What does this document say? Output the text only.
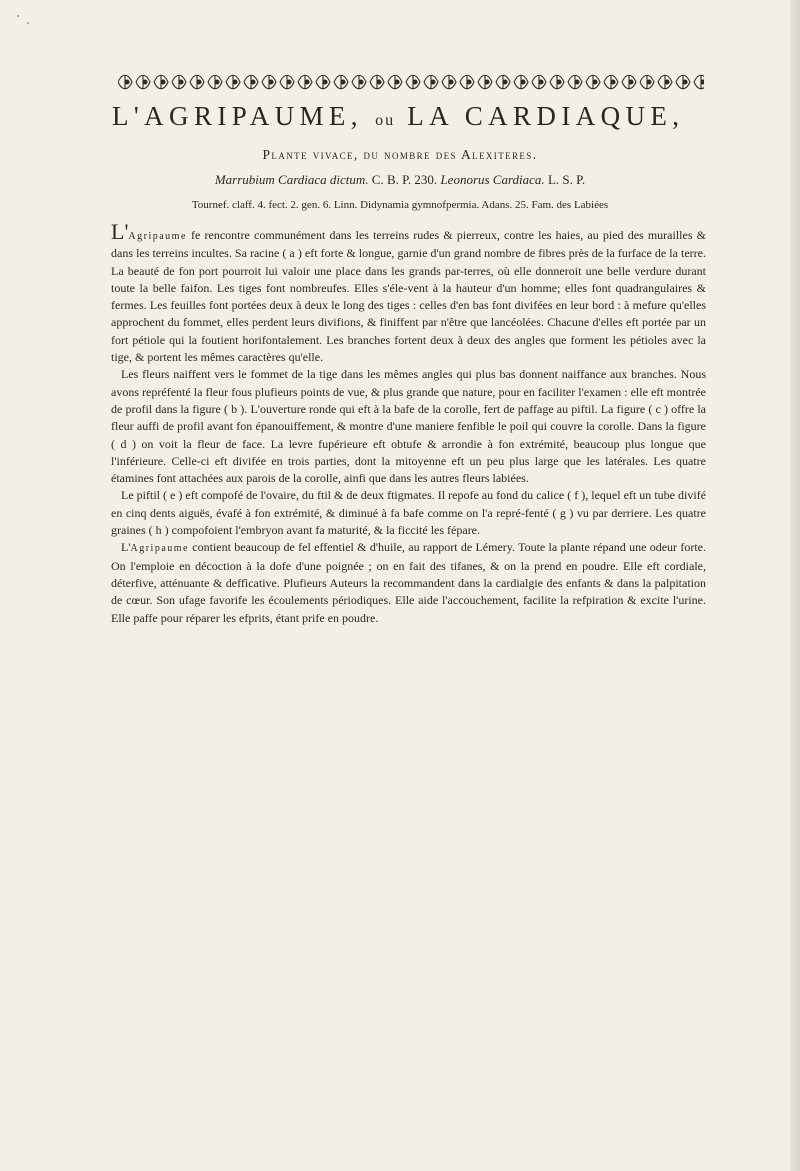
L'AGRIPAUME, ou LA CARDIAQUE,
Plante vivace, du nombre des Alexiteres.
Marrubium Cardiaca dictum. C. B. P. 230. Leonorus Cardiaca. L. S. P.
Tournef. claff. 4. fect. 2. gen. 6. Linn. Didynamia gymnofpermia. Adans. 25. Fam. des Labiées

L'Agripaume fe rencontre communément dans les terreins rudes & pierreux, contre les haies, au pied des murailles & dans les terreins incultes. Sa racine ( a ) eft forte & longue, garnie d'un grand nombre de fibres près de la furface de la terre. La beauté de fon port pourroit lui valoir une place dans les grands par-terres, où elle donneroit une belle verdure durant toute la belle faifon. Les tiges font nombreufes. Elles s'éle-vent à la hauteur d'un homme; elles font quadrangulaires & fermes. Les feuilles font portées deux à deux le long des tiges : celles d'en bas font divifées en leur bord : à mefure qu'elles approchent du fommet, elles perdent leurs divifions, & finiffent par n'être que lancéolées. Chacune d'elles eft portée par un fort pétiole qui la foutient horifontalement. Les branches fortent deux à deux des angles que forment les pétioles avec la tige, & portent les mêmes caractères qu'elle.

Les fleurs naiffent vers le fommet de la tige dans les mêmes angles qui plus bas donnent naiffance aux branches. Nous avons repréfenté la fleur fous plufieurs points de vue, & plus grande que nature, pour en faciliter l'examen : elle eft montrée de profil dans la figure ( b ). L'ouverture ronde qui eft à la bafe de la corolle, fert de paffage au piftil. La figure ( c ) offre la fleur auffi de profil avant fon épanouiffement, & montre d'une maniere fenfible le poil qui couvre la corolle. Dans la figure ( d ) on voit la fleur de face. La levre fupérieure eft obtufe & arrondie à fon extrémité, beaucoup plus longue que l'inférieure. Celle-ci eft divifée en trois parties, dont la mitoyenne eft un peu plus large que les latérales. Les quatre étamines font attachées aux parois de la corolle, ainfi que dans les autres fleurs labiées.

Le piftil ( e ) eft compofé de l'ovaire, du ftil & de deux ftigmates. Il repofe au fond du calice ( f ), lequel eft un tube divifé en cinq dents aiguës, évafé à fon extrémité, & diminué à fa bafe comme on l'a repré-fenté ( g ) vu par derriere. Les quatre graines ( h ) compofoient l'embryon avant fa maturité, & la ficcité les fépare.

L'Agripaume contient beaucoup de fel effentiel & d'huile, au rapport de Lémery. Toute la plante répand une odeur forte. On l'emploie en décoction à la dofe d'une poignée ; on en fait des tifanes, & on la prend en poudre. Elle eft cordiale, déterfive, atténuante & deffìcative. Plufieurs Auteurs la recommandent dans la cardialgie des enfants & dans la palpitation de cœur. Son ufage favorife les écoulements périodiques. Elle aide l'accouchement, facilite la refpiration & excite l'urine. Elle paffe pour réparer les efprits, étant prife en poudre.
